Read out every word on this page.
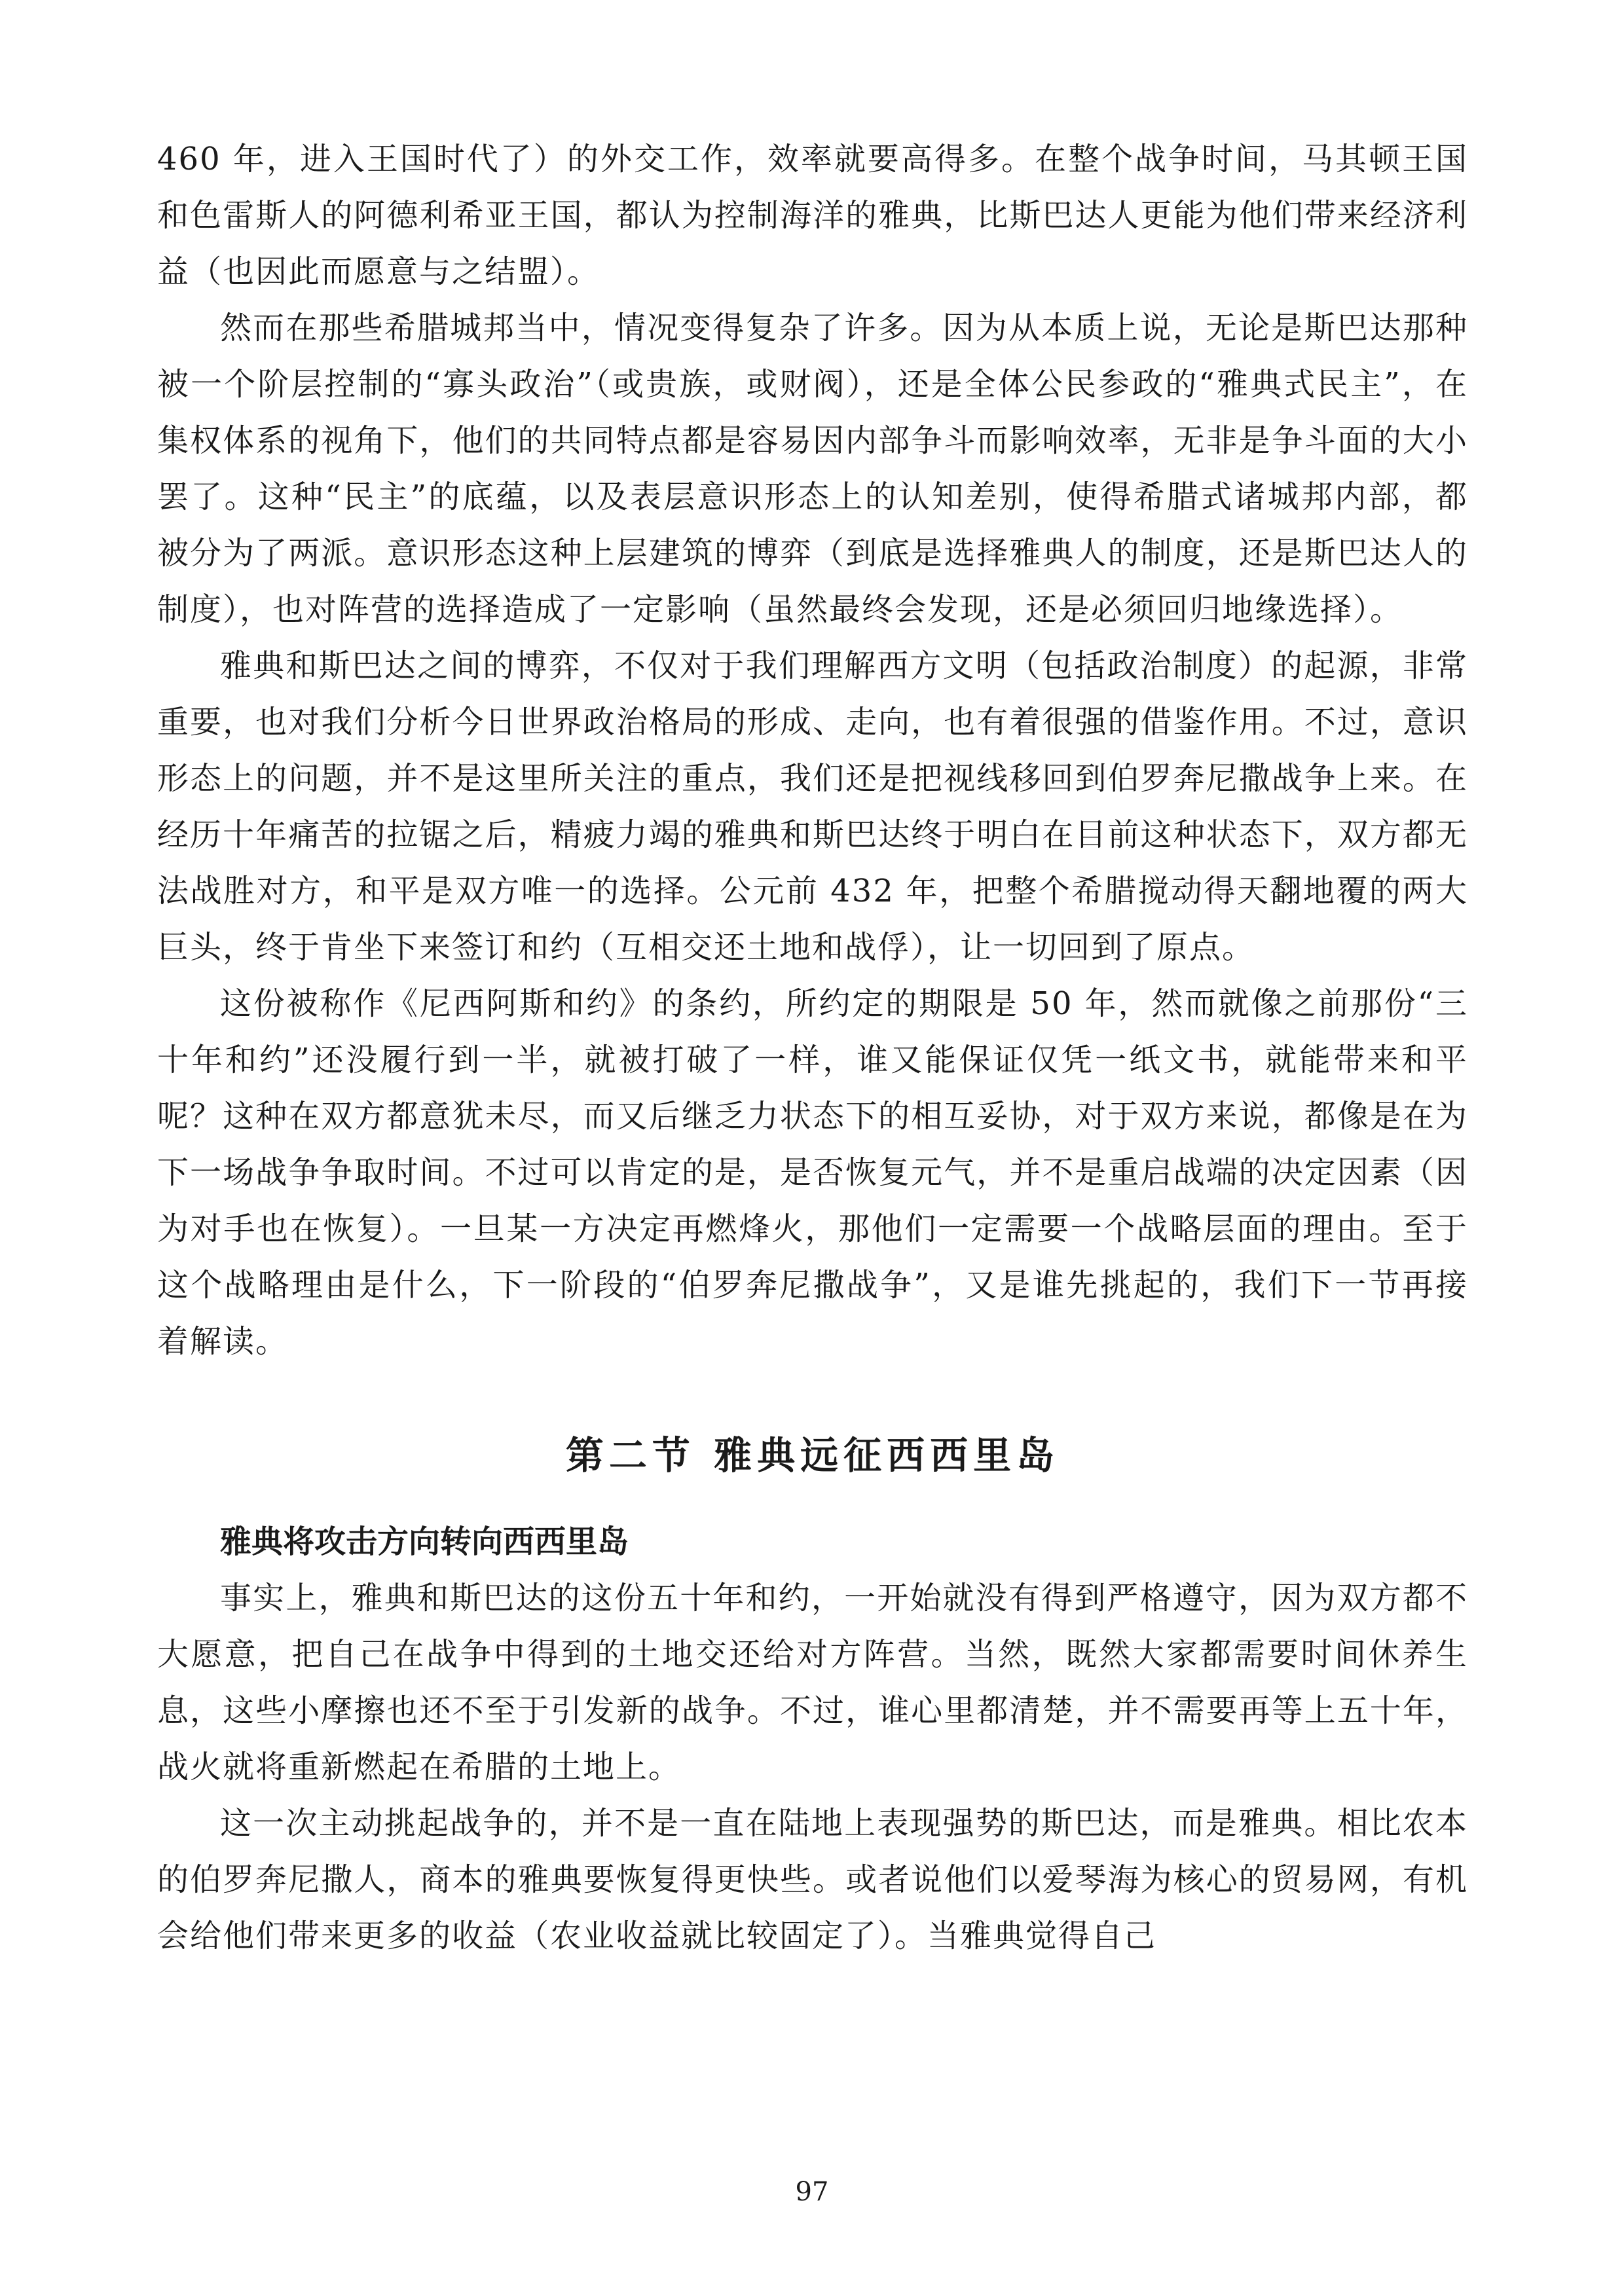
460 年，进入王国时代了）的外交工作，效率就要高得多。在整个战争时间，马其顿王国和色雷斯人的阿德利希亚王国，都认为控制海洋的雅典，比斯巴达人更能为他们带来经济利益（也因此而愿意与之结盟）。

然而在那些希腊城邦当中，情况变得复杂了许多。因为从本质上说，无论是斯巴达那种被一个阶层控制的“寡头政治”（或贵族，或财阀），还是全体公民参政的“雅典式民主”，在集权体系的视角下，他们的共同特点都是容易因内部争斗而影响效率，无非是争斗面的大小罢了。这种“民主”的底蕴，以及表层意识形态上的认知差别，使得希腊式诸城邦内部，都被分为了两派。意识形态这种上层建筑的博弈（到底是选择雅典人的制度，还是斯巴达人的制度），也对阵营的选择造成了一定影响（虽然最终会发现，还是必须回归地缘选择）。

雅典和斯巴达之间的博弈，不仅对于我们理解西方文明（包括政治制度）的起源，非常重要，也对我们分析今日世界政治格局的形成、走向，也有着很强的借鉴作用。不过，意识形态上的问题，并不是这里所关注的重点，我们还是把视线移回到伯罗奔尼撒战争上来。在经历十年痛苦的拉锯之后，精疲力竭的雅典和斯巴达终于明白在目前这种状态下，双方都无法战胜对方，和平是双方唯一的选择。公元前 432 年，把整个希腊搅动得天翻地覆的两大巨头，终于肯坐下来签订和约（互相交还土地和战俘），让一切回到了原点。

这份被称作《尼西阿斯和约》的条约，所约定的期限是 50 年，然而就像之前那份“三十年和约”还没履行到一半，就被打破了一样，谁又能保证仅凭一纸文书，就能带来和平呢？这种在双方都意犹未尽，而又后继乏力状态下的相互妥协，对于双方来说，都像是在为下一场战争争取时间。不过可以肯定的是，是否恢复元气，并不是重启战端的决定因素（因为对手也在恢复）。一旦某一方决定再燃烽火，那他们一定需要一个战略层面的理由。至于这个战略理由是什么，下一阶段的“伯罗奔尼撒战争”，又是谁先挑起的，我们下一节再接着解读。

第二节 雅典远征西西里岛
雅典将攻击方向转向西西里岛

事实上，雅典和斯巴达的这份五十年和约，一开始就没有得到严格遵守，因为双方都不大愿意，把自己在战争中得到的土地交还给对方阵营。当然，既然大家都需要时间休养生息，这些小摩擦也还不至于引发新的战争。不过，谁心里都清楚，并不需要再等上五十年，战火就将重新燃起在希腊的土地上。

这一次主动挑起战争的，并不是一直在陆地上表现强势的斯巴达，而是雅典。相比农本的伯罗奔尼撒人，商本的雅典要恢复得更快些。或者说他们以爱琴海为核心的贸易网，有机会给他们带来更多的收益（农业收益就比较固定了）。当雅典觉得自己

97
